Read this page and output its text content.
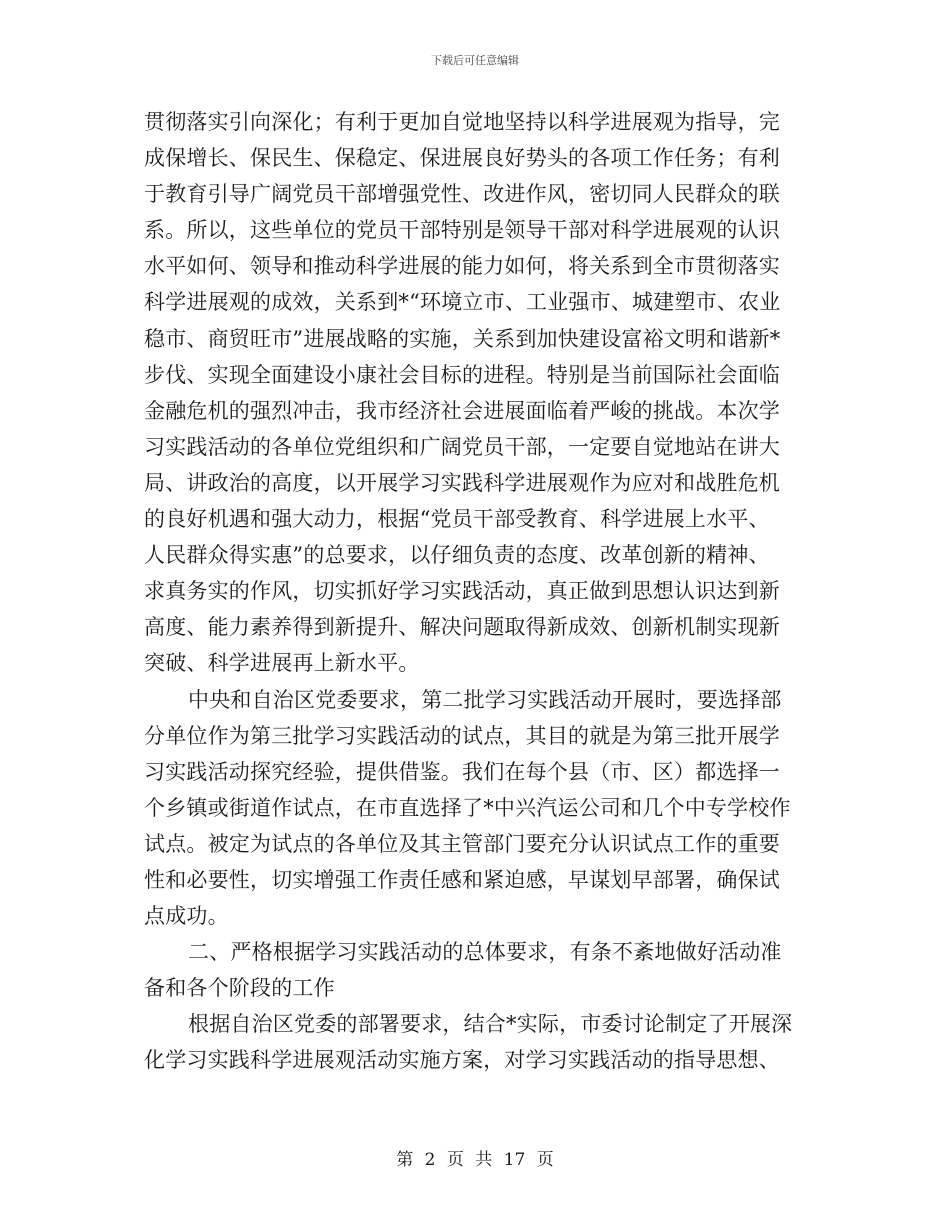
下载后可任意编辑
贯彻落实引向深化；有利于更加自觉地坚持以科学进展观为指导，完
成保增长、保民生、保稳定、保进展良好势头的各项工作任务；有利
于教育引导广阔党员干部增强党性、改进作风，密切同人民群众的联
系。所以，这些单位的党员干部特别是领导干部对科学进展观的认识
水平如何、领导和推动科学进展的能力如何，将关系到全市贯彻落实
科学进展观的成效，关系到*“环境立市、工业强市、城建塑市、农业
稳市、商贸旺市”进展战略的实施，关系到加快建设富裕文明和谐新*
步伐、实现全面建设小康社会目标的进程。特别是当前国际社会面临
金融危机的强烈冲击，我市经济社会进展面临着严峻的挑战。本次学
习实践活动的各单位党组织和广阔党员干部，一定要自觉地站在讲大
局、讲政治的高度，以开展学习实践科学进展观作为应对和战胜危机
的良好机遇和强大动力，根据“党员干部受教育、科学进展上水平、
人民群众得实惠”的总要求，以仔细负责的态度、改革创新的精神、
求真务实的作风，切实抓好学习实践活动，真正做到思想认识达到新
高度、能力素养得到新提升、解决问题取得新成效、创新机制实现新
突破、科学进展再上新水平。
中央和自治区党委要求，第二批学习实践活动开展时，要选择部
分单位作为第三批学习实践活动的试点，其目的就是为第三批开展学
习实践活动探究经验，提供借鉴。我们在每个县（市、区）都选择一
个乡镇或街道作试点，在市直选择了*中兴汽运公司和几个中专学校作
试点。被定为试点的各单位及其主管部门要充分认识试点工作的重要
性和必要性，切实增强工作责任感和紧迫感，早谋划早部署，确保试
点成功。
二、严格根据学习实践活动的总体要求，有条不紊地做好活动准
备和各个阶段的工作
根据自治区党委的部署要求，结合*实际，市委讨论制定了开展深
化学习实践科学进展观活动实施方案，对学习实践活动的指导思想、
第 2 页 共 17 页
